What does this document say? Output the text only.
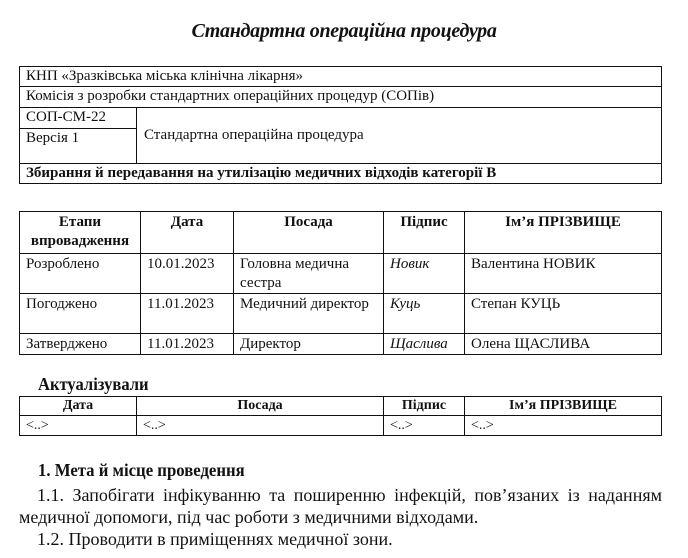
Стандартна операційна процедура
КНП «Зразківська міська клінічна лікарня»
Комісія з розробки стандартних операційних процедур (СОПів)
СОП-СМ-22	Стандартна операційна процедура
Версія 1
Збирання й передавання на утилізацію медичних відходів категорії В
Етапи впровадження	Дата	Посада	Підпис	Ім’я ПРІЗВИЩЕ
Розроблено	10.01.2023	Головна медична сестра	Новик	Валентина НОВИК
Погоджено	11.01.2023	Медичний директор	Куць	Степан КУЦЬ
Затверджено	11.01.2023	Директор	Щаслива	Олена ЩАСЛИВА
Актуалізували
Дата	Посада	Підпис	Ім’я ПРІЗВИЩЕ
<..>	<..>	<..>	<..>
1. Мета й місце проведення
1.1. Запобігати інфікуванню та поширенню інфекцій, пов’язаних із наданням медичної допомоги, під час роботи з медичними відходами.
1.2. Проводити в приміщеннях медичної зони.
